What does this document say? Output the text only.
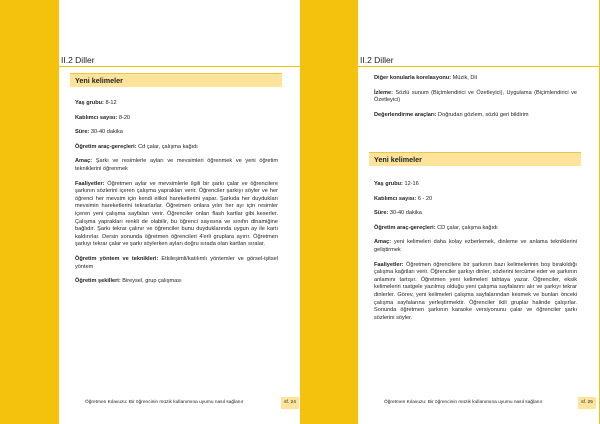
II.2 Diller
Yeni kelimeler

Yaş grubu: 8-12

Katılımcı sayısı: 8-20

Süre: 30-40 dakika

Öğretim araç-gereçleri: Cd çalar, çalışma kağıdı

Amaç: Şarkı ve resimlerle ayları ve mevsimleri öğrenmek ve yeni öğretim tekniklerini öğrenmek

Faaliyetler: Öğretmen aylar ve mevsimlerle ilgili bir şarkı çalar ve öğrencilere şarkının sözlerini içeren çalışma yaprakları verir. Öğrenciler şarkıyı söyler ve her öğrenci her mevsim için kendi elikol hareketlerini yapar. Şarkıda her duydukları mevsimin hareketlerini tekrarlarlar. Öğretmen onlara yılın her ayı için resimler içeren yeni çalışma sayfaları verir. Öğrenciler onları flash kartlar gibi keserler. Çalışma yaprakları renkli de olabilir, bu öğrenci sayısına ve sınıfın dinamiğine bağlıdır. Şarkı tekrar çalınır ve öğrenciler bunu duyduklarında uygun ay ile kartı kaldırırlar. Dersin sonunda öğretmen öğrencileri 4'erli gruplara ayırır. Öğretmen şarkıyı tekrar çalar ve şarkı söylerken ayları doğru sırada olan kartları sıralar.

Öğretim yöntem ve teknikleri: Etkileşimli/katılımlı yöntemler ve görsel-işitsel yöntem

Öğretim şekilleri: Bireysel, grup çalışması

Öğretmen Kılavuzu: Bir öğrencinin müzik kullanımına uyumu nasıl sağlanır	sf. 24
II.2 Diller

Diğer konularla korelasyonu: Müzik, Dil

İzleme: Sözlü sunum (Biçimlendirici ve Özetleyici), Uygulama (Biçimlendirici ve Özetleyici)

Değerlendirme araçları: Doğrudan gözlem, sözlü geri bildirim

Yeni kelimeler

Yaş grubu: 12-16

Katılımcı sayısı: 6 - 20

Süre: 30-40 dakika

Öğretim araç-gereçleri: CD çalar, çalışma kağıdı

Amaç: yeni kelimeleri daha kolay ezberlemek, dinleme ve anlama tekniklerini geliştirmek

Faaliyetler: Öğretmen öğrencilere bir şarkının bazı kelimelerinin boş bırakıldığı çalışma kağıtları verir. Öğrenciler şarkıyı dinler, sözlerini tercüme eder ve şarkının anlamını tartışır. Öğretmen yeni kelimeleri tahtaya yazar. Öğrenciler, eksik kelimelerin rastgele yazılmış olduğu yeni çalışma sayfalarını alır ve şarkıyı tekrar dinlerler. Görev, yeni kelimeleri çalışma sayfalarından kesmek ve bunları önceki çalışma sayfalarına yerleştirmektir. Öğrenciler ikili gruplar halinde çalışırlar. Sonunda öğretmen şarkının karaoke versiyonunu çalar ve öğrenciler şarkı sözlerini söyler.

Öğretmen Kılavuzu: Bir öğrencinin müzik kullanımına uyumu nasıl sağlanır	sf. 25
